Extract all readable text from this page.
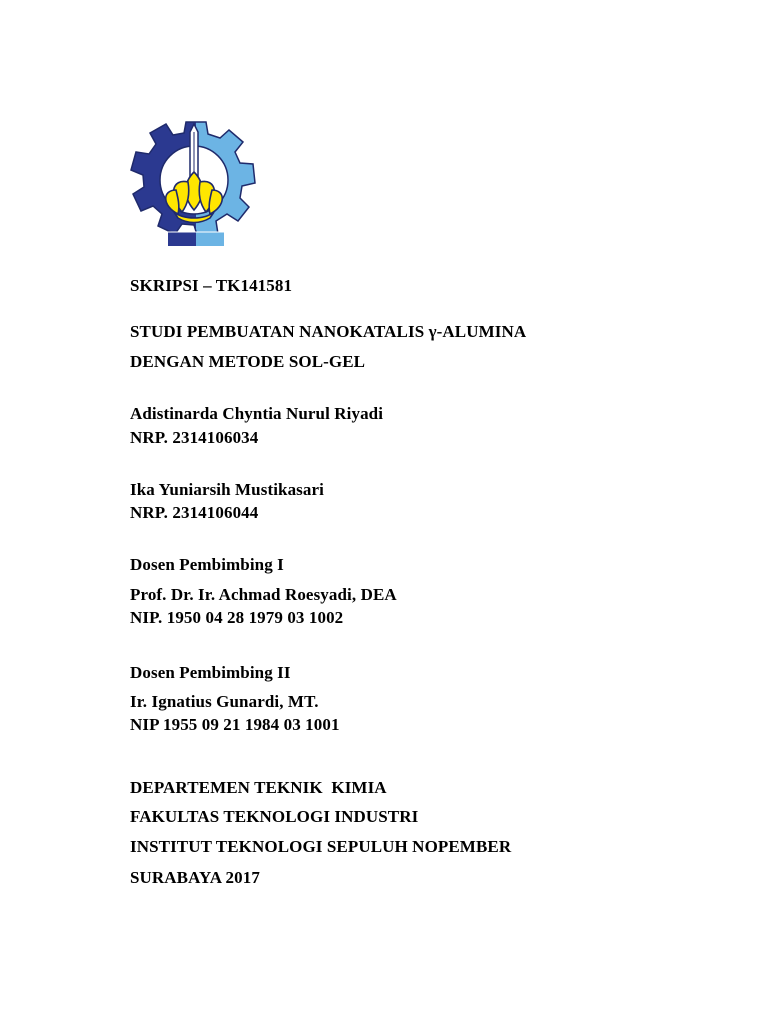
SKRIPSI – TK141581
STUDI PEMBUATAN NANOKATALIS γ-ALUMINA
DENGAN METODE SOL-GEL
Adistinarda Chyntia Nurul Riyadi
NRP. 2314106034
Ika Yuniarsih Mustikasari
NRP. 2314106044
Dosen Pembimbing I
Prof. Dr. Ir. Achmad Roesyadi, DEA
NIP. 1950 04 28 1979 03 1002
Dosen Pembimbing II
Ir. Ignatius Gunardi, MT.
NIP 1955 09 21 1984 03 1001
DEPARTEMEN TEKNIK  KIMIA
FAKULTAS TEKNOLOGI INDUSTRI
INSTITUT TEKNOLOGI SEPULUH NOPEMBER
SURABAYA 2017
